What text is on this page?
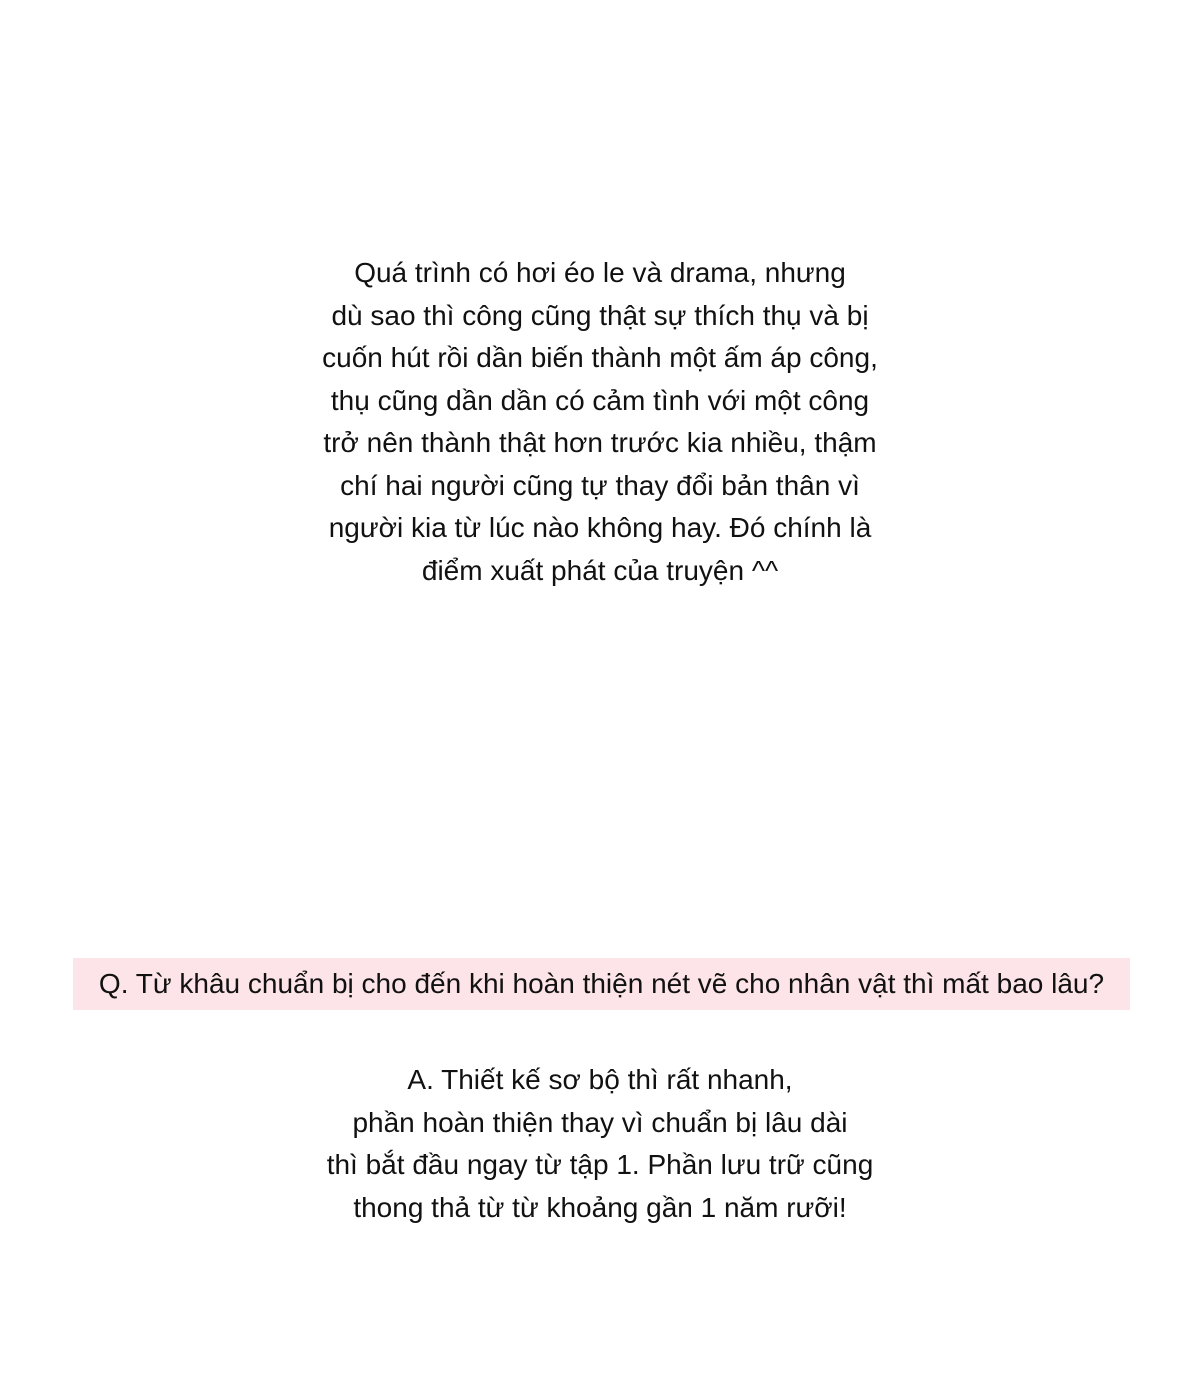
Quá trình có hơi éo le và drama, nhưng
dù sao thì công cũng thật sự thích thụ và bị
cuốn hút rồi dần biến thành một ấm áp công,
thụ cũng dần dần có cảm tình với một công
trở nên thành thật hơn trước kia nhiều, thậm
chí hai người cũng tự thay đổi bản thân vì
người kia từ lúc nào không hay. Đó chính là
điểm xuất phát của truyện ^^
Q. Từ khâu chuẩn bị cho đến khi hoàn thiện nét vẽ cho nhân vật thì mất bao lâu?
A. Thiết kế sơ bộ thì rất nhanh,
phần hoàn thiện thay vì chuẩn bị lâu dài
thì bắt đầu ngay từ tập 1. Phần lưu trữ cũng
thong thả từ từ khoảng gần 1 năm rưỡi!
